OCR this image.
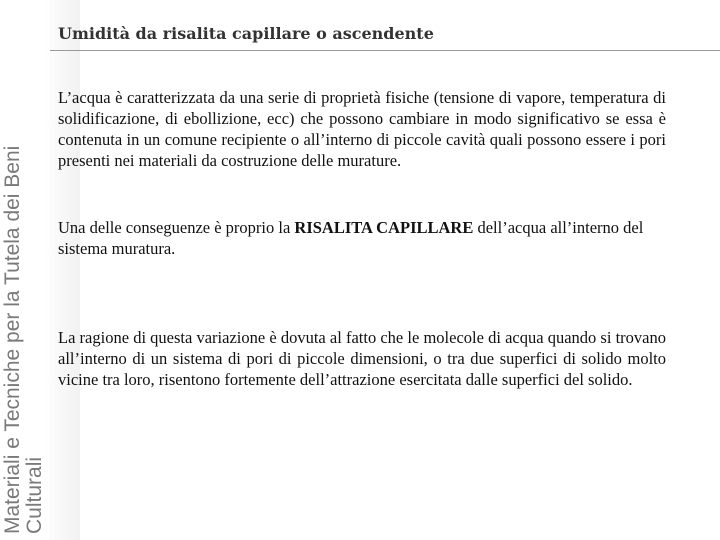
Materiali e Tecniche per la Tutela dei Beni Culturali
Umidità da risalita capillare o ascendente

L’acqua è caratterizzata da una serie di proprietà fisiche (tensione di vapore, temperatura di solidificazione, di ebollizione, ecc) che possono cambiare in modo significativo se essa è contenuta in un comune recipiente o all’interno di piccole cavità quali possono essere i pori presenti nei materiali da costruzione delle murature.

Una delle conseguenze è proprio la RISALITA CAPILLARE dell’acqua all’interno del sistema muratura.

La ragione di questa variazione è dovuta al fatto che le molecole di acqua quando si trovano all’interno di un sistema di pori di piccole dimensioni, o tra due superfici di solido molto vicine tra loro, risentono fortemente dell’attrazione esercitata dalle superfici del solido.
